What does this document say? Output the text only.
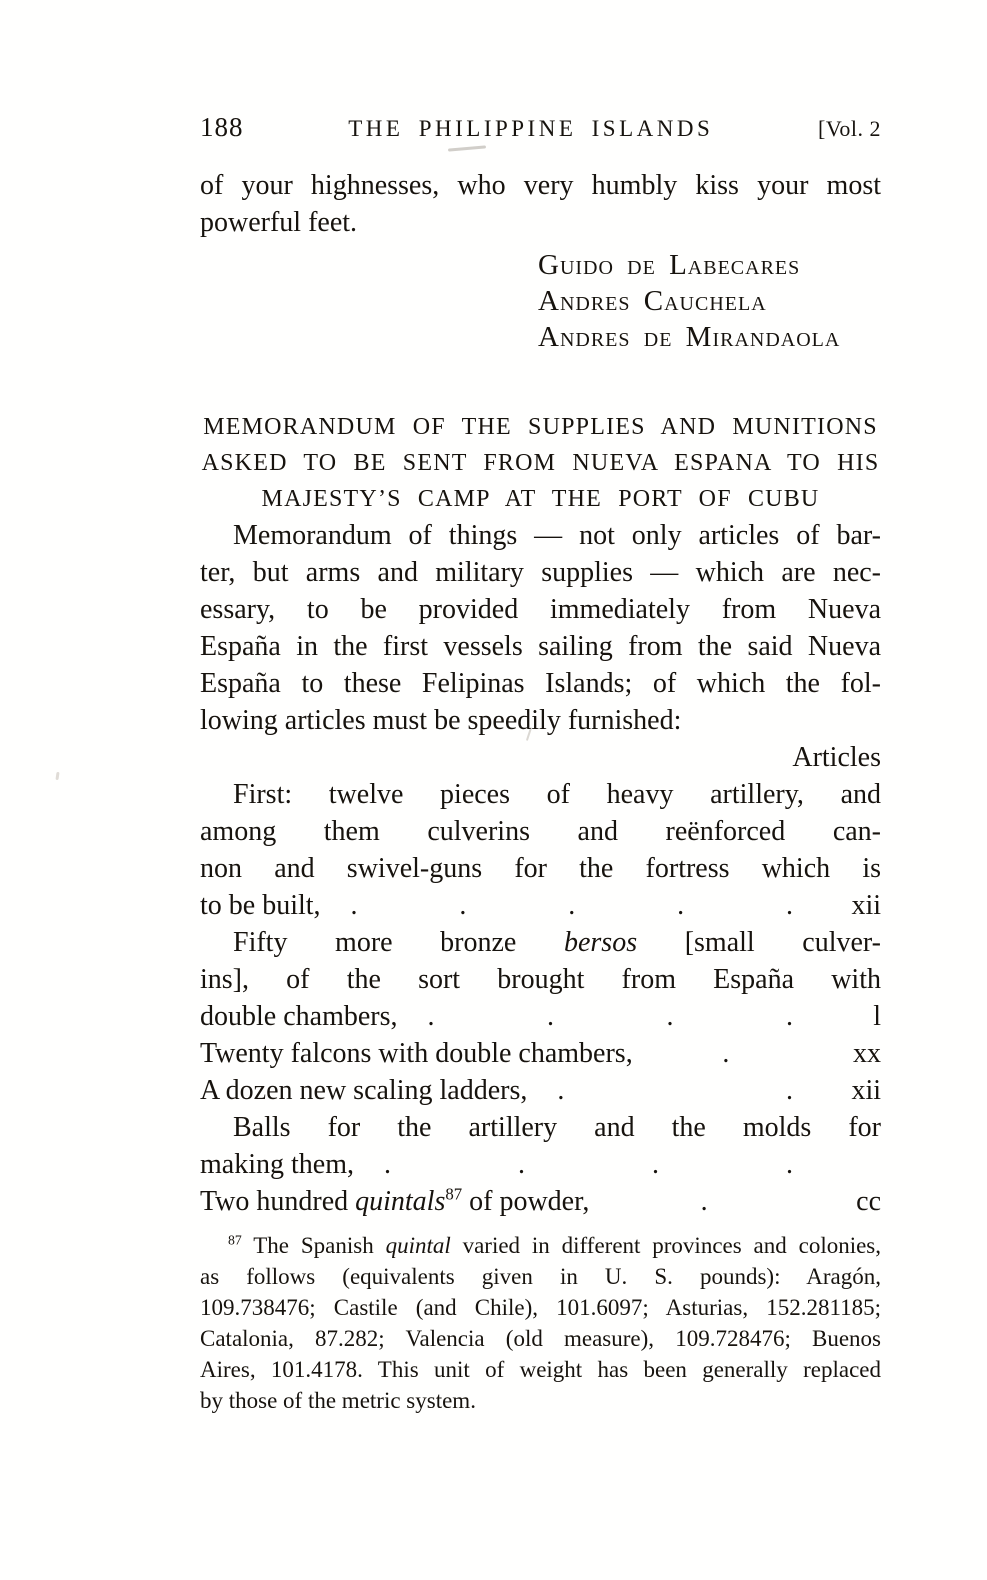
188	THE PHILIPPINE ISLANDS	[Vol. 2
of your highnesses, who very humbly kiss your most
powerful feet.
Guido de Labecares
Andres Cauchela
Andres de Mirandaola
MEMORANDUM OF THE SUPPLIES AND MUNITIONS
ASKED TO BE SENT FROM NUEVA ESPANA TO HIS
MAJESTY’S CAMP AT THE PORT OF CUBU
Memorandum of things — not only articles of bar-
ter, but arms and military supplies — which are nec-
essary, to be provided immediately from Nueva
España in the first vessels sailing from the said Nueva
España to these Felipinas Islands; of which the fol-
lowing articles must be speedily furnished:
Articles
First: twelve pieces of heavy artillery, and
among them culverins and reënforced can-
non and swivel-guns for the fortress which is
to be built,	. . . . .	xii
Fifty more bronze bersos [small culver-
ins], of the sort brought from España with
double chambers,	. . . .	l
Twenty falcons with double chambers,	.	xx
A dozen new scaling ladders,	. .	xii
Balls for the artillery and the molds for
making them,	. . . .
Two hundred quintals$^{87}$ of powder,	.	cc
$^{87}$ The Spanish quintal varied in different provinces and colonies,
as follows (equivalents given in U. S. pounds): Aragón,
109.738476; Castile (and Chile), 101.6097; Asturias, 152.281185;
Catalonia, 87.282; Valencia (old measure), 109.728476; Buenos
Aires, 101.4178. This unit of weight has been generally replaced
by those of the metric system.
